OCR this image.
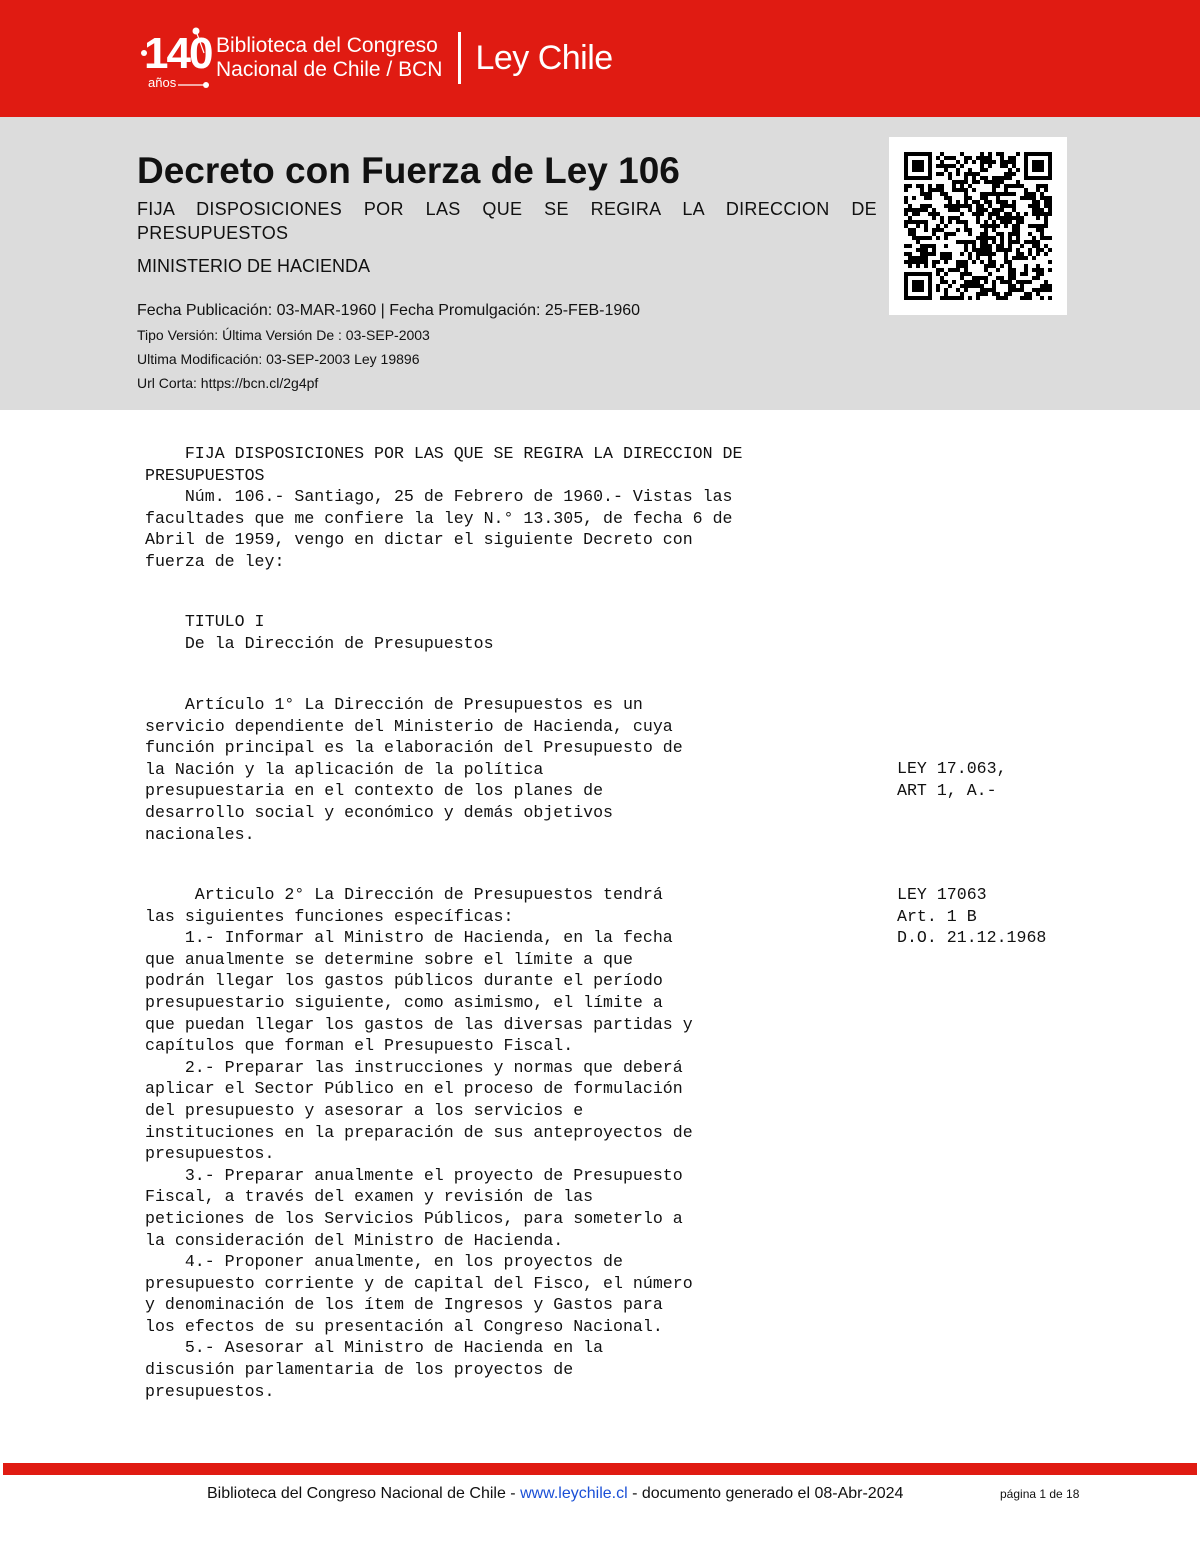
140
años
Biblioteca del Congreso
Nacional de Chile / BCN Ley Chile
Decreto con Fuerza de Ley 106
FIJA DISPOSICIONES POR LAS QUE SE REGIRA LA DIRECCION DE PRESUPUESTOS
MINISTERIO DE HACIENDA
Fecha Publicación: 03-MAR-1960 | Fecha Promulgación: 25-FEB-1960
Tipo Versión: Última Versión De : 03-SEP-2003
Ultima Modificación: 03-SEP-2003 Ley 19896
Url Corta: https://bcn.cl/2g4pf
FIJA DISPOSICIONES POR LAS QUE SE REGIRA LA DIRECCION DE
PRESUPUESTOS
Núm. 106.- Santiago, 25 de Febrero de 1960.- Vistas las
facultades que me confiere la ley N.° 13.305, de fecha 6 de
Abril de 1959, vengo en dictar el siguiente Decreto con
fuerza de ley:
TITULO I
De la Dirección de Presupuestos
Artículo 1° La Dirección de Presupuestos es un
servicio dependiente del Ministerio de Hacienda, cuya
función principal es la elaboración del Presupuesto de
la Nación y la aplicación de la política
presupuestaria en el contexto de los planes de
desarrollo social y económico y demás objetivos
nacionales.
LEY 17.063,
ART 1, A.-
Articulo 2° La Dirección de Presupuestos tendrá
las siguientes funciones específicas:
1.- Informar al Ministro de Hacienda, en la fecha
que anualmente se determine sobre el límite a que
podrán llegar los gastos públicos durante el período
presupuestario siguiente, como asimismo, el límite a
que puedan llegar los gastos de las diversas partidas y
capítulos que forman el Presupuesto Fiscal.
2.- Preparar las instrucciones y normas que deberá
aplicar el Sector Público en el proceso de formulación
del presupuesto y asesorar a los servicios e
instituciones en la preparación de sus anteproyectos de
presupuestos.
3.- Preparar anualmente el proyecto de Presupuesto
Fiscal, a través del examen y revisión de las
peticiones de los Servicios Públicos, para someterlo a
la consideración del Ministro de Hacienda.
4.- Proponer anualmente, en los proyectos de
presupuesto corriente y de capital del Fisco, el número
y denominación de los ítem de Ingresos y Gastos para
los efectos de su presentación al Congreso Nacional.
5.- Asesorar al Ministro de Hacienda en la
discusión parlamentaria de los proyectos de
presupuestos.
LEY 17063
Art. 1 B
D.O. 21.12.1968
Biblioteca del Congreso Nacional de Chile - www.leychile.cl - documento generado el 08-Abr-2024	página 1 de 18
